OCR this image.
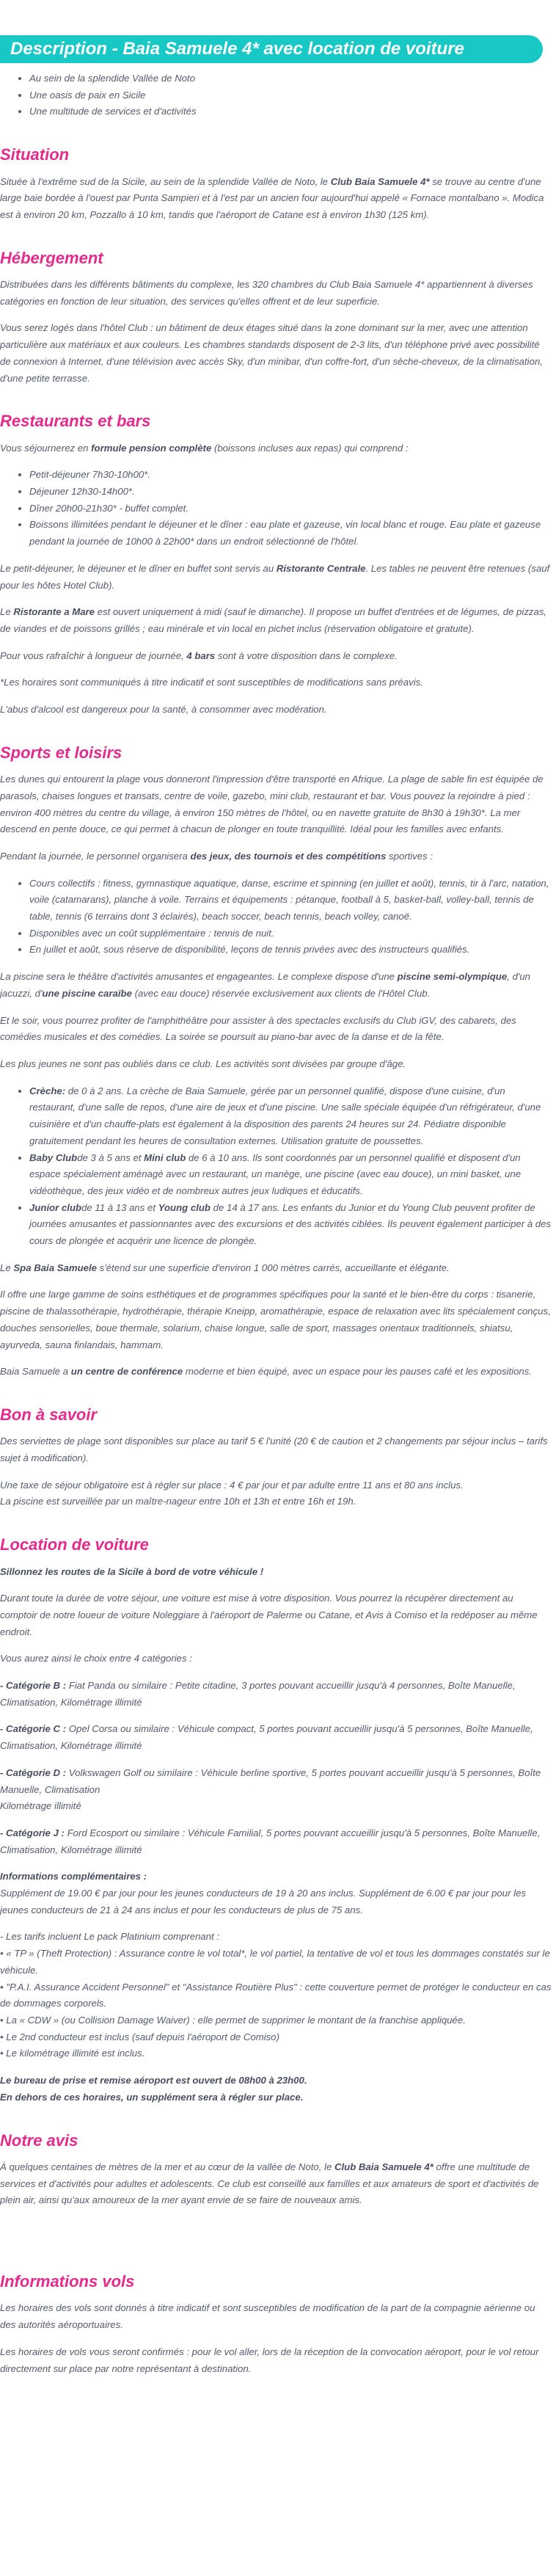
Description - Baia Samuele 4* avec location de voiture
• Au sein de la splendide Vallée de Noto
• Une oasis de paix en Sicile
• Une multitude de services et d'activités
Situation

Située à l'extrême sud de la Sicile, au sein de la splendide Vallée de Noto, le Club Baia Samuele 4* se trouve au centre d'une large baie bordée à l'ouest par Punta Sampieri et à l'est par un ancien four aujourd'hui appelé « Fornace montalbano ». Modica est à environ 20 km, Pozzallo à 10 km, tandis que l'aéroport de Catane est à environ 1h30 (125 km).

Hébergement

Distribuées dans les différents bâtiments du complexe, les 320 chambres du Club Baia Samuele 4* appartiennent à diverses catégories en fonction de leur situation, des services qu'elles offrent et de leur superficie.

Vous serez logés dans l'hôtel Club : un bâtiment de deux étages situé dans la zone dominant sur la mer, avec une attention particulière aux matériaux et aux couleurs. Les chambres standards disposent de 2-3 lits, d'un téléphone privé avec possibilité de connexion à Internet, d'une télévision avec accès Sky, d'un minibar, d'un coffre-fort, d'un sèche-cheveux, de la climatisation, d'une petite terrasse.

Restaurants et bars

Vous séjournerez en formule pension complète (boissons incluses aux repas) qui comprend :

• Petit-déjeuner 7h30-10h00*.
• Déjeuner 12h30-14h00*.
• Dîner 20h00-21h30* - buffet complet.
• Boissons illimitées pendant le déjeuner et le dîner : eau plate et gazeuse, vin local blanc et rouge. Eau plate et gazeuse pendant la journée de 10h00 à 22h00* dans un endroit sélectionné de l'hôtel.

Le petit-déjeuner, le déjeuner et le dîner en buffet sont servis au Ristorante Centrale. Les tables ne peuvent être retenues (sauf pour les hôtes Hotel Club).

Le Ristorante a Mare est ouvert uniquement à midi (sauf le dimanche). Il propose un buffet d'entrées et de légumes, de pizzas, de viandes et de poissons grillés ; eau minérale et vin local en pichet inclus (réservation obligatoire et gratuite).

Pour vous rafraîchir à longueur de journée, 4 bars sont à votre disposition dans le complexe.

*Les horaires sont communiqués à titre indicatif et sont susceptibles de modifications sans préavis.

L'abus d'alcool est dangereux pour la santé, à consommer avec modération.

Sports et loisirs

Les dunes qui entourent la plage vous donneront l'impression d'être transporté en Afrique. La plage de sable fin est équipée de parasols, chaises longues et transats, centre de voile, gazebo, mini club, restaurant et bar. Vous pouvez la rejoindre à pied : environ 400 mètres du centre du village, à environ 150 mètres de l'hôtel, ou en navette gratuite de 8h30 à 19h30*. La mer descend en pente douce, ce qui permet à chacun de plonger en toute tranquillité. Idéal pour les familles avec enfants.

Pendant la journée, le personnel organisera des jeux, des tournois et des compétitions sportives :

• Cours collectifs : fitness, gymnastique aquatique, danse, escrime et spinning (en juillet et août), tennis, tir à l'arc, natation, voile (catamarans), planche à voile. Terrains et équipements : pétanque, football à 5, basket-ball, volley-ball, tennis de table, tennis (6 terrains dont 3 éclairés), beach soccer, beach tennis, beach volley, canoë.
• Disponibles avec un coût supplémentaire : tennis de nuit.
• En juillet et août, sous réserve de disponibilité, leçons de tennis privées avec des instructeurs qualifiés.

La piscine sera le théâtre d'activités amusantes et engageantes. Le complexe dispose d'une piscine semi-olympique, d'un jacuzzi, d'une piscine caraïbe (avec eau douce) réservée exclusivement aux clients de l'Hôtel Club.

Et le soir, vous pourrez profiter de l'amphithéâtre pour assister à des spectacles exclusifs du Club iGV, des cabarets, des comédies musicales et des comédies. La soirée se poursuit au piano-bar avec de la danse et de la fête.

Les plus jeunes ne sont pas oubliés dans ce club. Les activités sont divisées par groupe d'âge.

• Crèche: de 0 à 2 ans. La crèche de Baia Samuele, gérée par un personnel qualifié, dispose d'une cuisine, d'un restaurant, d'une salle de repos, d'une aire de jeux et d'une piscine. Une salle spéciale équipée d'un réfrigérateur, d'une cuisinière et d'un chauffe-plats est également à la disposition des parents 24 heures sur 24. Pédiatre disponible gratuitement pendant les heures de consultation externes. Utilisation gratuite de poussettes.
• Baby Clubde 3 à 5 ans et Mini club de 6 à 10 ans. Ils sont coordonnés par un personnel qualifié et disposent d'un espace spécialement aménagé avec un restaurant, un manège, une piscine (avec eau douce), un mini basket, une vidéothèque, des jeux vidéo et de nombreux autres jeux ludiques et éducatifs.
• Junior clubde 11 à 13 ans et Young club de 14 à 17 ans. Les enfants du Junior et du Young Club peuvent profiter de journées amusantes et passionnantes avec des excursions et des activités ciblées. Ils peuvent également participer à des cours de plongée et acquérir une licence de plongée.

Le Spa Baia Samuele s'étend sur une superficie d'environ 1 000 mètres carrés, accueillante et élégante.

Il offre une large gamme de soins esthétiques et de programmes spécifiques pour la santé et le bien-être du corps : tisanerie, piscine de thalassothérapie, hydrothérapie, thérapie Kneipp, aromathérapie, espace de relaxation avec lits spécialement conçus, douches sensorielles, boue thermale, solarium, chaise longue, salle de sport, massages orientaux traditionnels, shiatsu, ayurveda, sauna finlandais, hammam.

Baia Samuele a un centre de conférence moderne et bien équipé, avec un espace pour les pauses café et les expositions.

Bon à savoir

Des serviettes de plage sont disponibles sur place au tarif 5 € l'unité (20 € de caution et 2 changements par séjour inclus – tarifs sujet à modification).

Une taxe de séjour obligatoire est à régler sur place : 4 € par jour et par adulte entre 11 ans et 80 ans inclus.

La piscine est surveillée par un maître-nageur entre 10h et 13h et entre 16h et 19h.

Location de voiture

Sillonnez les routes de la Sicile à bord de votre véhicule !

Durant toute la durée de votre séjour, une voiture est mise à votre disposition. Vous pourrez la récupérer directement au comptoir de notre loueur de voiture Noleggiare à l'aéroport de Palerme ou Catane, et Avis à Comiso et la redéposer au même endroit.

Vous aurez ainsi le choix entre 4 catégories :

- Catégorie B : Fiat Panda ou similaire : Petite citadine, 3 portes pouvant accueillir jusqu'à 4 personnes, Boîte Manuelle, Climatisation, Kilométrage illimité

- Catégorie C : Opel Corsa ou similaire : Véhicule compact, 5 portes pouvant accueillir jusqu'à 5 personnes, Boîte Manuelle, Climatisation, Kilométrage illimité

- Catégorie D : Volkswagen Golf ou similaire : Véhicule berline sportive, 5 portes pouvant accueillir jusqu'à 5 personnes, Boîte Manuelle, Climatisation
Kilométrage illimité

- Catégorie J : Ford Ecosport ou similaire : Véhicule Familial, 5 portes pouvant accueillir jusqu'à 5 personnes, Boîte Manuelle, Climatisation, Kilométrage illimité

Informations complémentaires :
Supplément de 19.00 € par jour pour les jeunes conducteurs de 19 à 20 ans inclus. Supplément de 6.00 € par jour pour les jeunes conducteurs de 21 à 24 ans inclus et pour les conducteurs de plus de 75 ans.

- Les tarifs incluent Le pack Platinium comprenant :
• « TP » (Theft Protection) : Assurance contre le vol total*, le vol partiel, la tentative de vol et tous les dommages constatés sur le véhicule.
• "P.A.I. Assurance Accident Personnel" et "Assistance Routière Plus" : cette couverture permet de protéger le conducteur en cas de dommages corporels.
• La « CDW » (ou Collision Damage Waiver) : elle permet de supprimer le montant de la franchise appliquée.
• Le 2nd conducteur est inclus (sauf depuis l'aéroport de Comiso)
• Le kilométrage illimité est inclus.

Le bureau de prise et remise aéroport est ouvert de 08h00 à 23h00.
En dehors de ces horaires, un supplément sera à régler sur place.

Notre avis

À quelques centaines de mètres de la mer et au cœur de la vallée de Noto, le Club Baia Samuele 4* offre une multitude de services et d'activités pour adultes et adolescents. Ce club est conseillé aux familles et aux amateurs de sport et d'activités de plein air, ainsi qu'aux amoureux de la mer ayant envie de se faire de nouveaux amis.

Informations vols

Les horaires des vols sont donnés à titre indicatif et sont susceptibles de modification de la part de la compagnie aérienne ou des autorités aéroportuaires.

Les horaires de vols vous seront confirmés : pour le vol aller, lors de la réception de la convocation aéroport, pour le vol retour directement sur place par notre représentant à destination.
